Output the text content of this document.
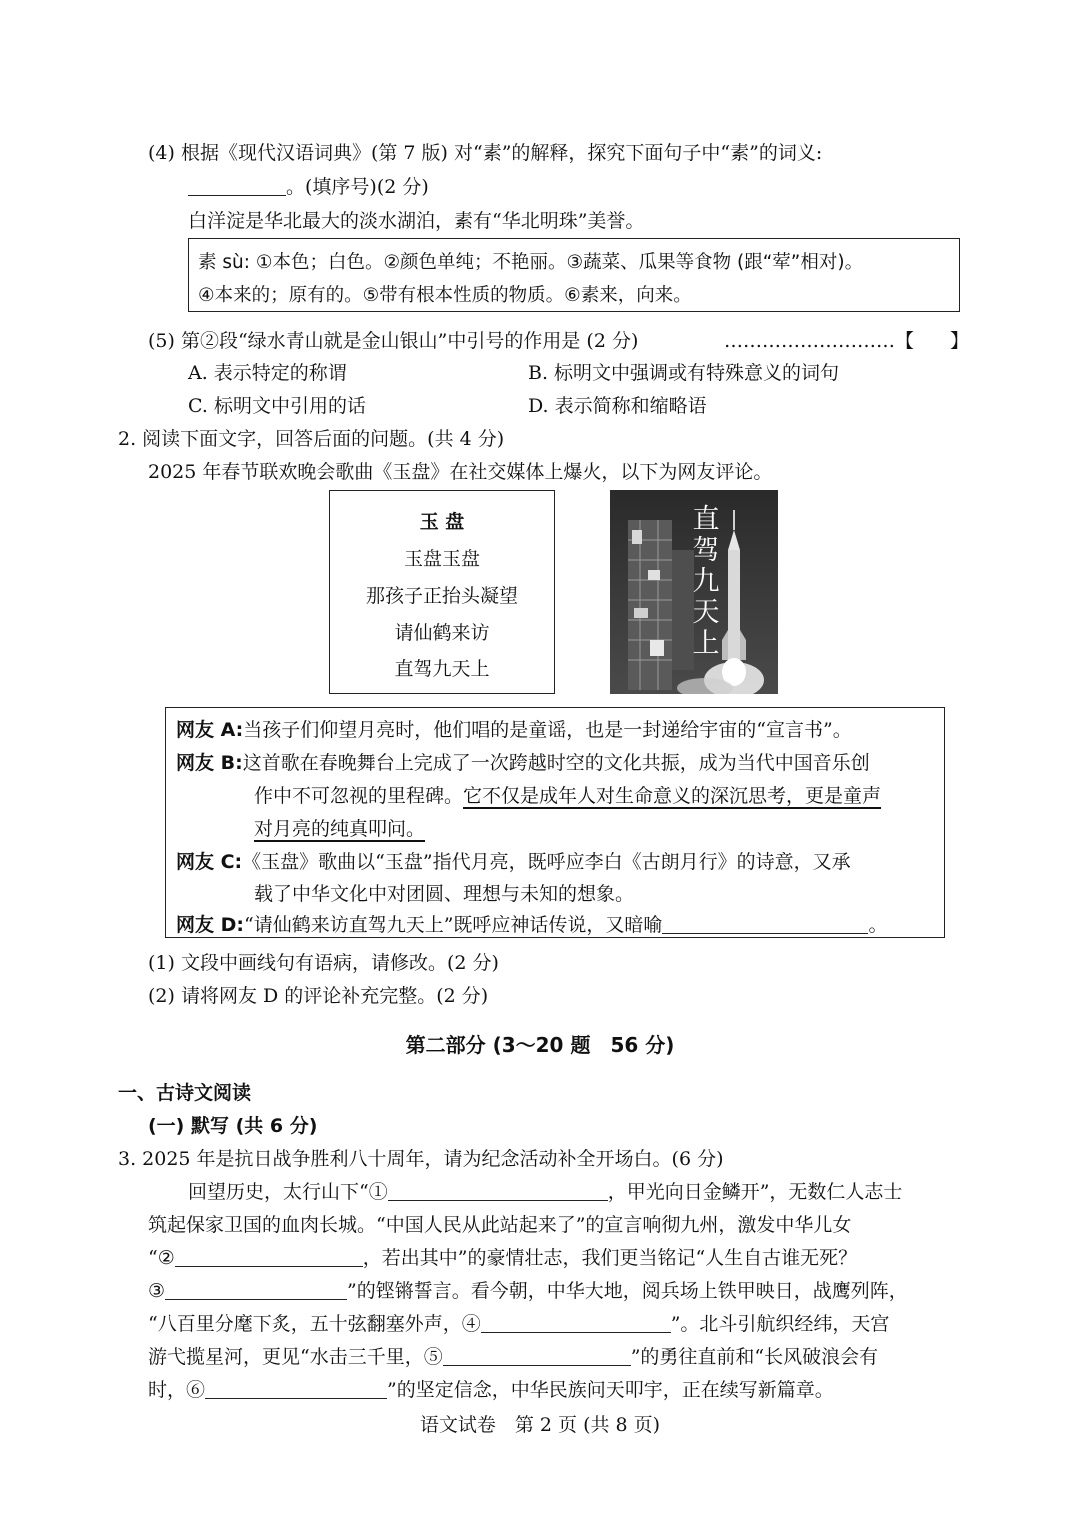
(4) 根据《现代汉语词典》(第 7 版) 对“素”的解释，探究下面句子中“素”的词义:
。(填序号)(2 分)
白洋淀是华北最大的淡水湖泊，素有“华北明珠”美誉。
素 sù: ①本色；白色。②颜色单纯；不艳丽。③蔬菜、瓜果等食物 (跟“荤”相对)。
④本来的；原有的。⑤带有根本性质的物质。⑥素来，向来。
(5) 第②段“绿水青山就是金山银山”中引号的作用是 (2 分)	………………………【 】
A. 表示特定的称谓	B. 标明文中强调或有特殊意义的词句
C. 标明文中引用的话	D. 表示简称和缩略语
2. 阅读下面文字，回答后面的问题。(共 4 分)
2025 年春节联欢晚会歌曲《玉盘》在社交媒体上爆火，以下为网友评论。
玉 盘
玉盘玉盘
那孩子正抬头凝望
请仙鹤来访
直驾九天上
直
驾
九
天
上
网友 A:当孩子们仰望月亮时，他们唱的是童谣，也是一封递给宇宙的“宣言书”。
网友 B:这首歌在春晚舞台上完成了一次跨越时空的文化共振，成为当代中国音乐创
作中不可忽视的里程碑。它不仅是成年人对生命意义的深沉思考，更是童声
对月亮的纯真叩问。
网友 C:《玉盘》歌曲以“玉盘”指代月亮，既呼应李白《古朗月行》的诗意，又承
载了中华文化中对团圆、理想与未知的想象。
网友 D:“请仙鹤来访直驾九天上”既呼应神话传说，又暗喻	。
(1) 文段中画线句有语病，请修改。(2 分)
(2) 请将网友 D 的评论补充完整。(2 分)
第二部分 (3～20 题　56 分)
一、古诗文阅读
(一) 默写 (共 6 分)
3. 2025 年是抗日战争胜利八十周年，请为纪念活动补全开场白。(6 分)
回望历史，太行山下“①	，甲光向日金鳞开”，无数仁人志士
筑起保家卫国的血肉长城。“中国人民从此站起来了”的宣言响彻九州，激发中华儿女
“②	，若出其中”的豪情壮志，我们更当铭记“人生自古谁无死？
③	”的铿锵誓言。看今朝，中华大地，阅兵场上铁甲映日，战鹰列阵，
“八百里分麾下炙，五十弦翻塞外声，④	”。北斗引航织经纬，天宫
游弋揽星河，更见“水击三千里，⑤	”的勇往直前和“长风破浪会有
时，⑥	”的坚定信念，中华民族问天叩宇，正在续写新篇章。
语文试卷　第 2 页 (共 8 页)
